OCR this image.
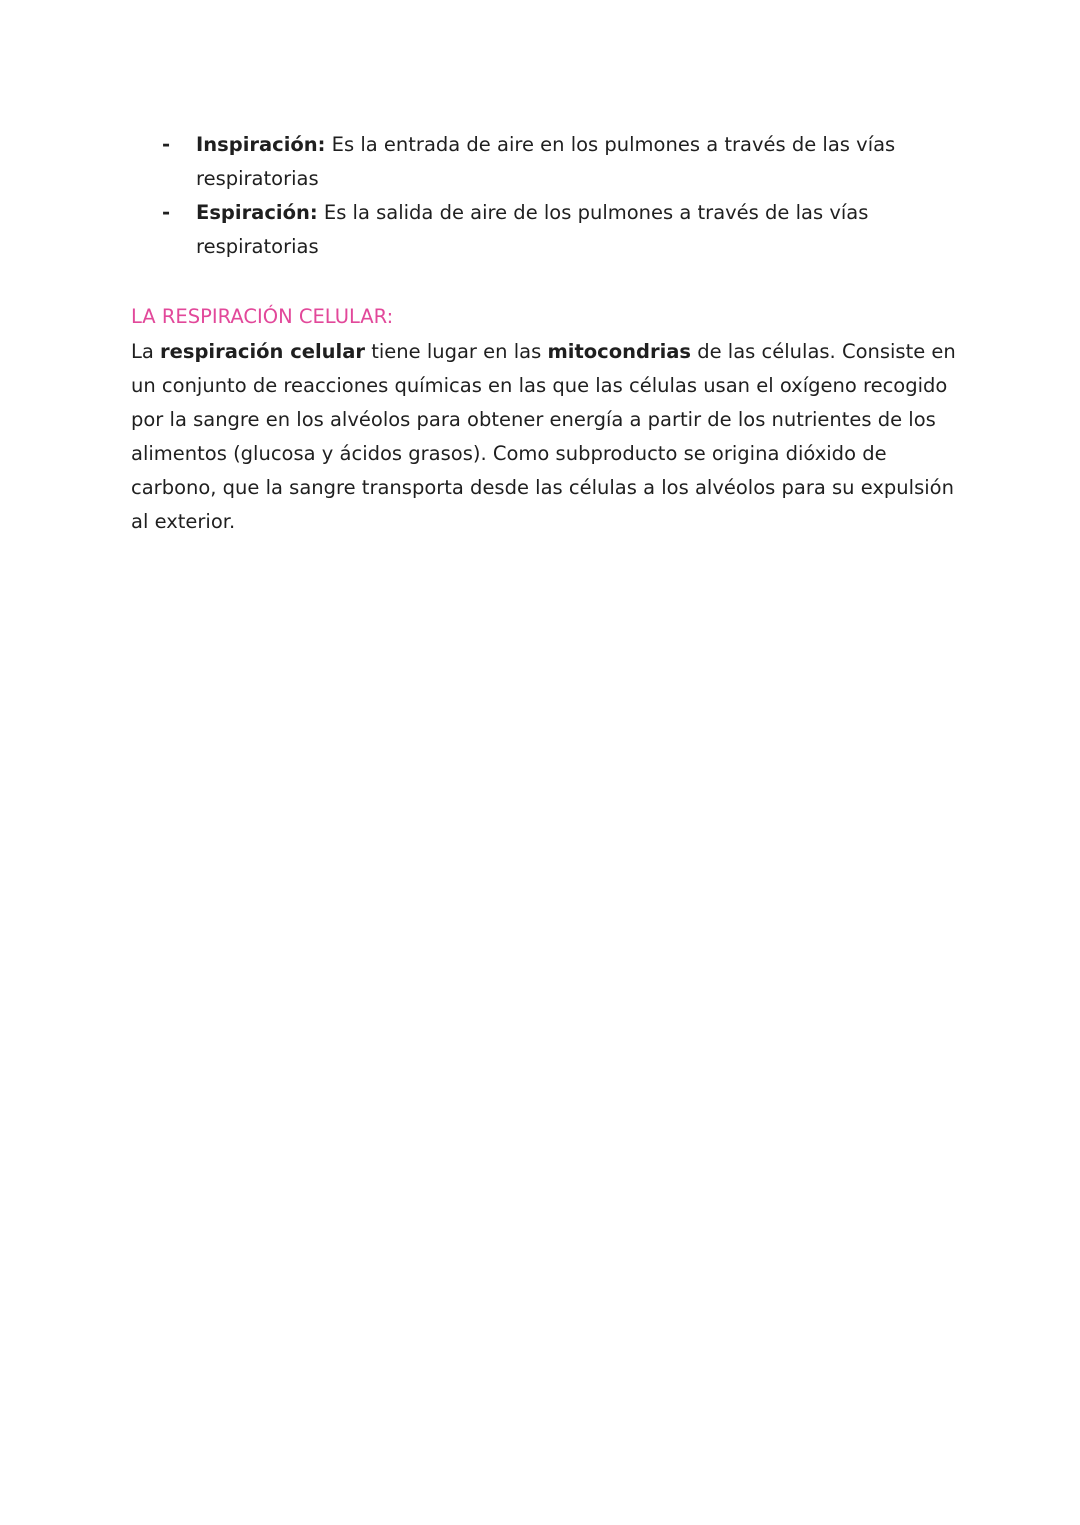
- Inspiración: Es la entrada de aire en los pulmones a través de las vías respiratorias
- Espiración: Es la salida de aire de los pulmones a través de las vías respiratorias
LA RESPIRACIÓN CELULAR:

La respiración celular tiene lugar en las mitocondrias de las células. Consiste en un conjunto de reacciones químicas en las que las células usan el oxígeno recogido por la sangre en los alvéolos para obtener energía a partir de los nutrientes de los alimentos (glucosa y ácidos grasos). Como subproducto se origina dióxido de carbono, que la sangre transporta desde las células a los alvéolos para su expulsión al exterior.
